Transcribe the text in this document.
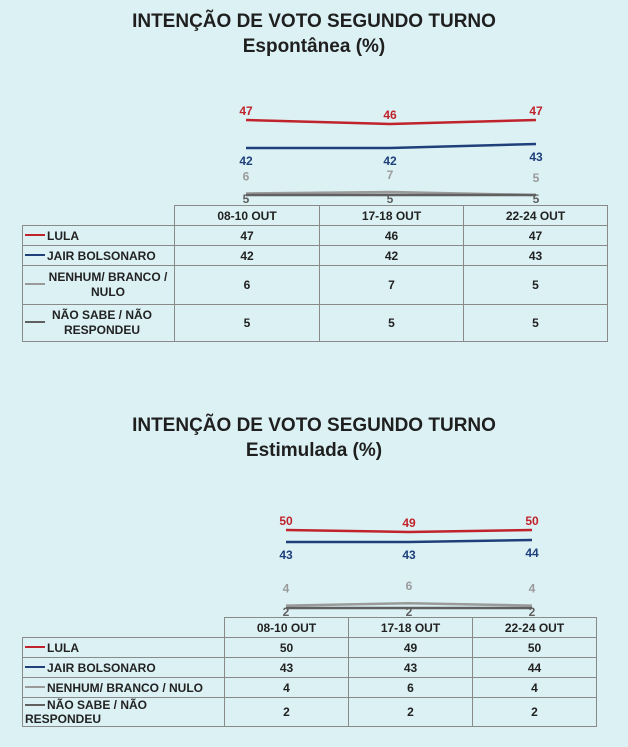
INTENÇÃO DE VOTO SEGUNDO TURNO
Espontânea (%)
47	46	47
42	42	43
6	7	5
5	5	5
	08-10 OUT	17-18 OUT	22-24 OUT
LULA	47	46	47
JAIR BOLSONARO	42	42	43

NENHUM/ BRANCO / NULO	6	7	5

NÃO SABE / NÃO RESPONDEU	5	5	5
INTENÇÃO DE VOTO SEGUNDO TURNO
Estimulada (%)
50	49	50
43	43	44
4	6	4
2	2	2
	08-10 OUT	17-18 OUT	22-24 OUT
LULA	50	49	50
JAIR BOLSONARO	43	43	44
NENHUM/ BRANCO / NULO	4	6	4
NÃO SABE / NÃO RESPONDEU	2	2	2
